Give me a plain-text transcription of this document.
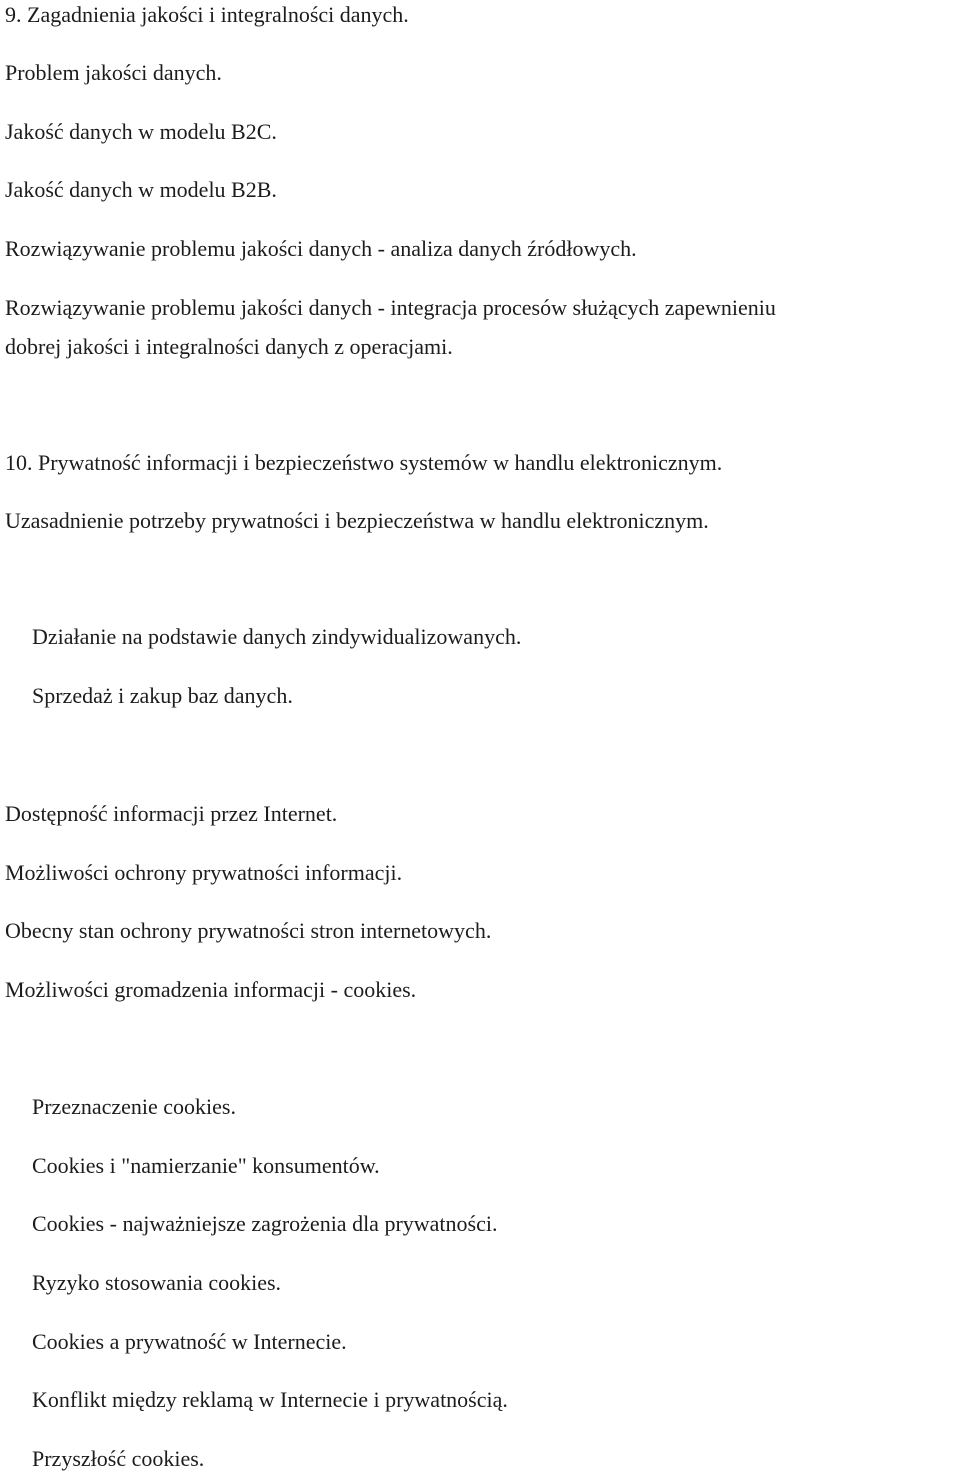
9. Zagadnienia jakości i integralności danych.

Problem jakości danych.

Jakość danych w modelu B2C.

Jakość danych w modelu B2B.

Rozwiązywanie problemu jakości danych - analiza danych źródłowych.

Rozwiązywanie problemu jakości danych - integracja procesów służących zapewnieniu

dobrej jakości i integralności danych z operacjami.

10. Prywatność informacji i bezpieczeństwo systemów w handlu elektronicznym.

Uzasadnienie potrzeby prywatności i bezpieczeństwa w handlu elektronicznym.

Działanie na podstawie danych zindywidualizowanych.

Sprzedaż i zakup baz danych.

Dostępność informacji przez Internet.

Możliwości ochrony prywatności informacji.

Obecny stan ochrony prywatności stron internetowych.

Możliwości gromadzenia informacji - cookies.

Przeznaczenie cookies.

Cookies i "namierzanie" konsumentów.

Cookies - najważniejsze zagrożenia dla prywatności.

Ryzyko stosowania cookies.

Cookies a prywatność w Internecie.

Konflikt między reklamą w Internecie i prywatnością.

Przyszłość cookies.
